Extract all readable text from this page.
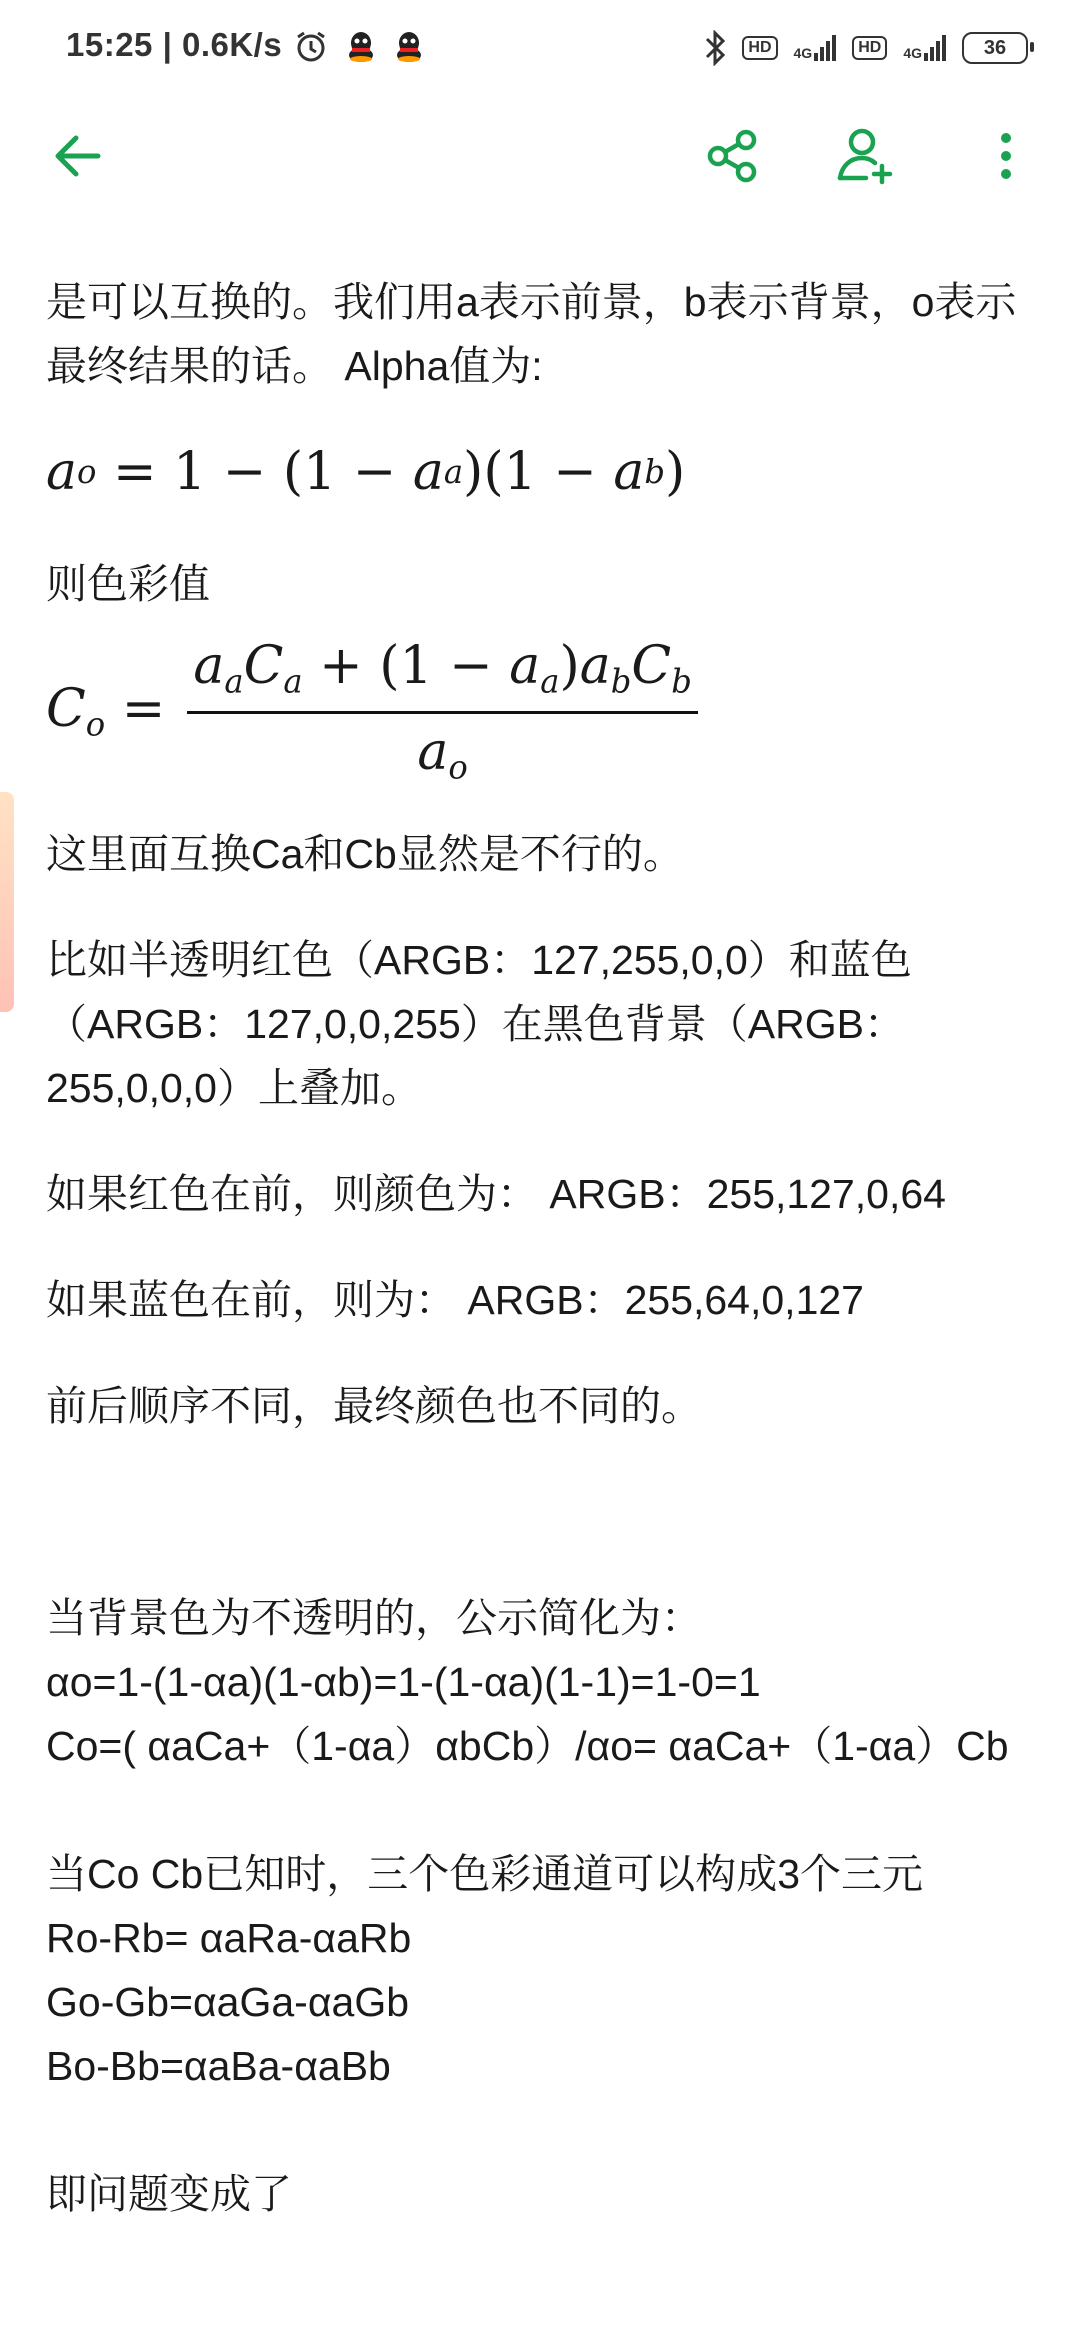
15:25 | 0.6K/s	HD	4G	HD	4G	36

是可以互换的。我们用a表示前景，b表示背景，o表示最终结果的话。 Alpha值为:

a o
=
1
−
(1
− a a )(1
− a b )

则色彩值

$C_o = \frac{a_aC_a + (1 - a_a)a_bC_b}{a_o}$

这里面互换Ca和Cb显然是不行的。

比如半透明红色（ARGB：127,255,0,0）和蓝色（ARGB：127,0,0,255）在黑色背景（ARGB：255,0,0,0）上叠加。

如果红色在前，则颜色为： ARGB：255,127,0,64

如果蓝色在前，则为： ARGB：255,64,0,127

前后顺序不同，最终颜色也不同的。

当背景色为不透明的，公示简化为：

αo=1-(1-αa)(1-αb)=1-(1-αa)(1-1)=1-0=1

Co=( αaCa+（1-αa）αbCb）/αo= αaCa+（1-αa）Cb

当Co Cb已知时，三个色彩通道可以构成3个三元

Ro-Rb= αaRa-αaRb

Go-Gb=αaGa-αaGb

Bo-Bb=αaBa-αaBb

即问题变成了
